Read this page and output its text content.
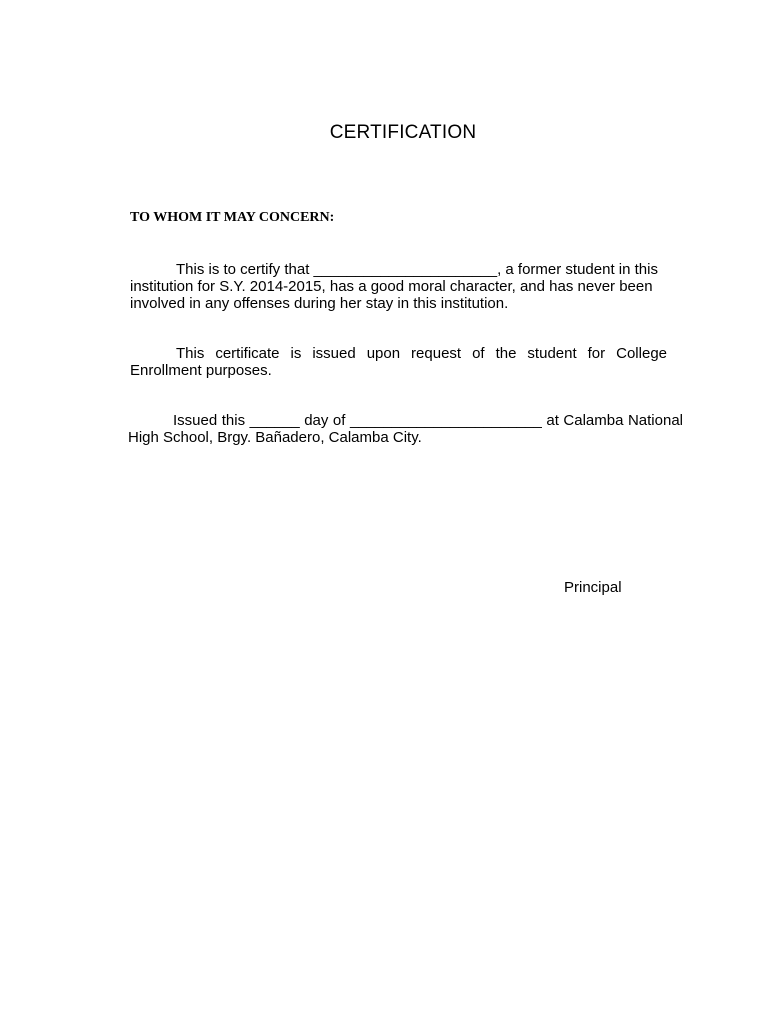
CERTIFICATION

TO WHOM IT MAY CONCERN:

This is to certify that ______________________, a former student in this institution for S.Y. 2014-2015, has a good moral character, and has never been involved in any offenses during her stay in this institution.

This certificate is issued upon request of the student for College Enrollment purposes.

Issued this ______ day of _______________________ at Calamba National High School, Brgy. Bañadero, Calamba City.

Principal
